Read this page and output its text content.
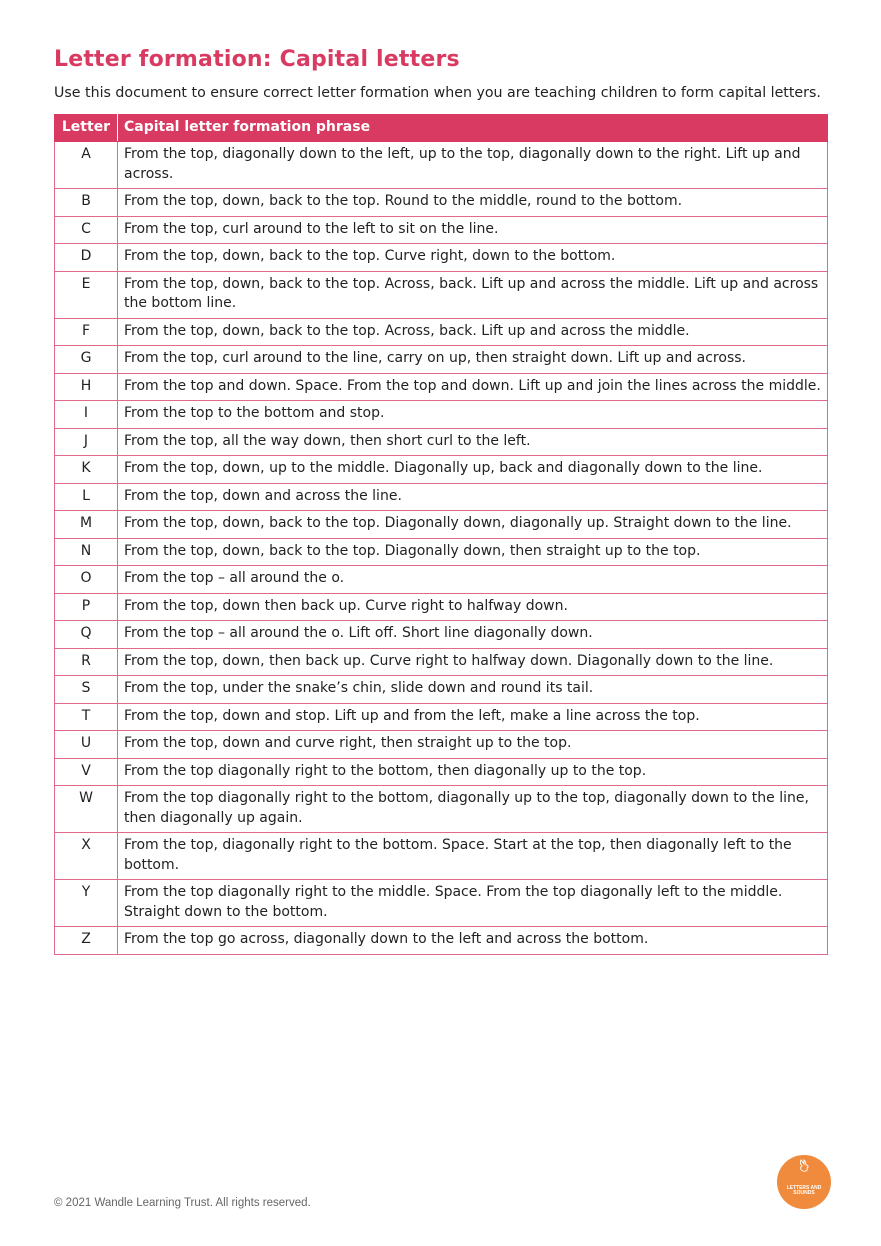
Letter formation: Capital letters

Use this document to ensure correct letter formation when you are teaching children to form capital letters.

Letter	Capital letter formation phrase
A	From the top, diagonally down to the left, up to the top, diagonally down to the right. Lift up and across.
B	From the top, down, back to the top. Round to the middle, round to the bottom.
C	From the top, curl around to the left to sit on the line.
D	From the top, down, back to the top. Curve right, down to the bottom.
E	From the top, down, back to the top. Across, back. Lift up and across the middle. Lift up and across the bottom line.
F	From the top, down, back to the top. Across, back. Lift up and across the middle.
G	From the top, curl around to the line, carry on up, then straight down. Lift up and across.
H	From the top and down. Space. From the top and down. Lift up and join the lines across the middle.
I	From the top to the bottom and stop.
J	From the top, all the way down, then short curl to the left.
K	From the top, down, up to the middle. Diagonally up, back and diagonally down to the line.
L	From the top, down and across the line.
M	From the top, down, back to the top. Diagonally down, diagonally up. Straight down to the line.
N	From the top, down, back to the top. Diagonally down, then straight up to the top.
O	From the top – all around the o.
P	From the top, down then back up. Curve right to halfway down.
Q	From the top – all around the o. Lift off. Short line diagonally down.
R	From the top, down, then back up. Curve right to halfway down. Diagonally down to the line.
S	From the top, under the snake’s chin, slide down and round its tail.
T	From the top, down and stop. Lift up and from the left, make a line across the top.
U	From the top, down and curve right, then straight up to the top.
V	From the top diagonally right to the bottom, then diagonally up to the top.
W	From the top diagonally right to the bottom, diagonally up to the top, diagonally down to the line, then diagonally up again.
X	From the top, diagonally right to the bottom. Space. Start at the top, then diagonally left to the bottom.
Y	From the top diagonally right to the middle. Space. From the top diagonally left to the middle. Straight down to the bottom.
Z	From the top go across, diagonally down to the left and across the bottom.

© 2021 Wandle Learning Trust. All rights reserved.

LETTERS AND SOUNDS
